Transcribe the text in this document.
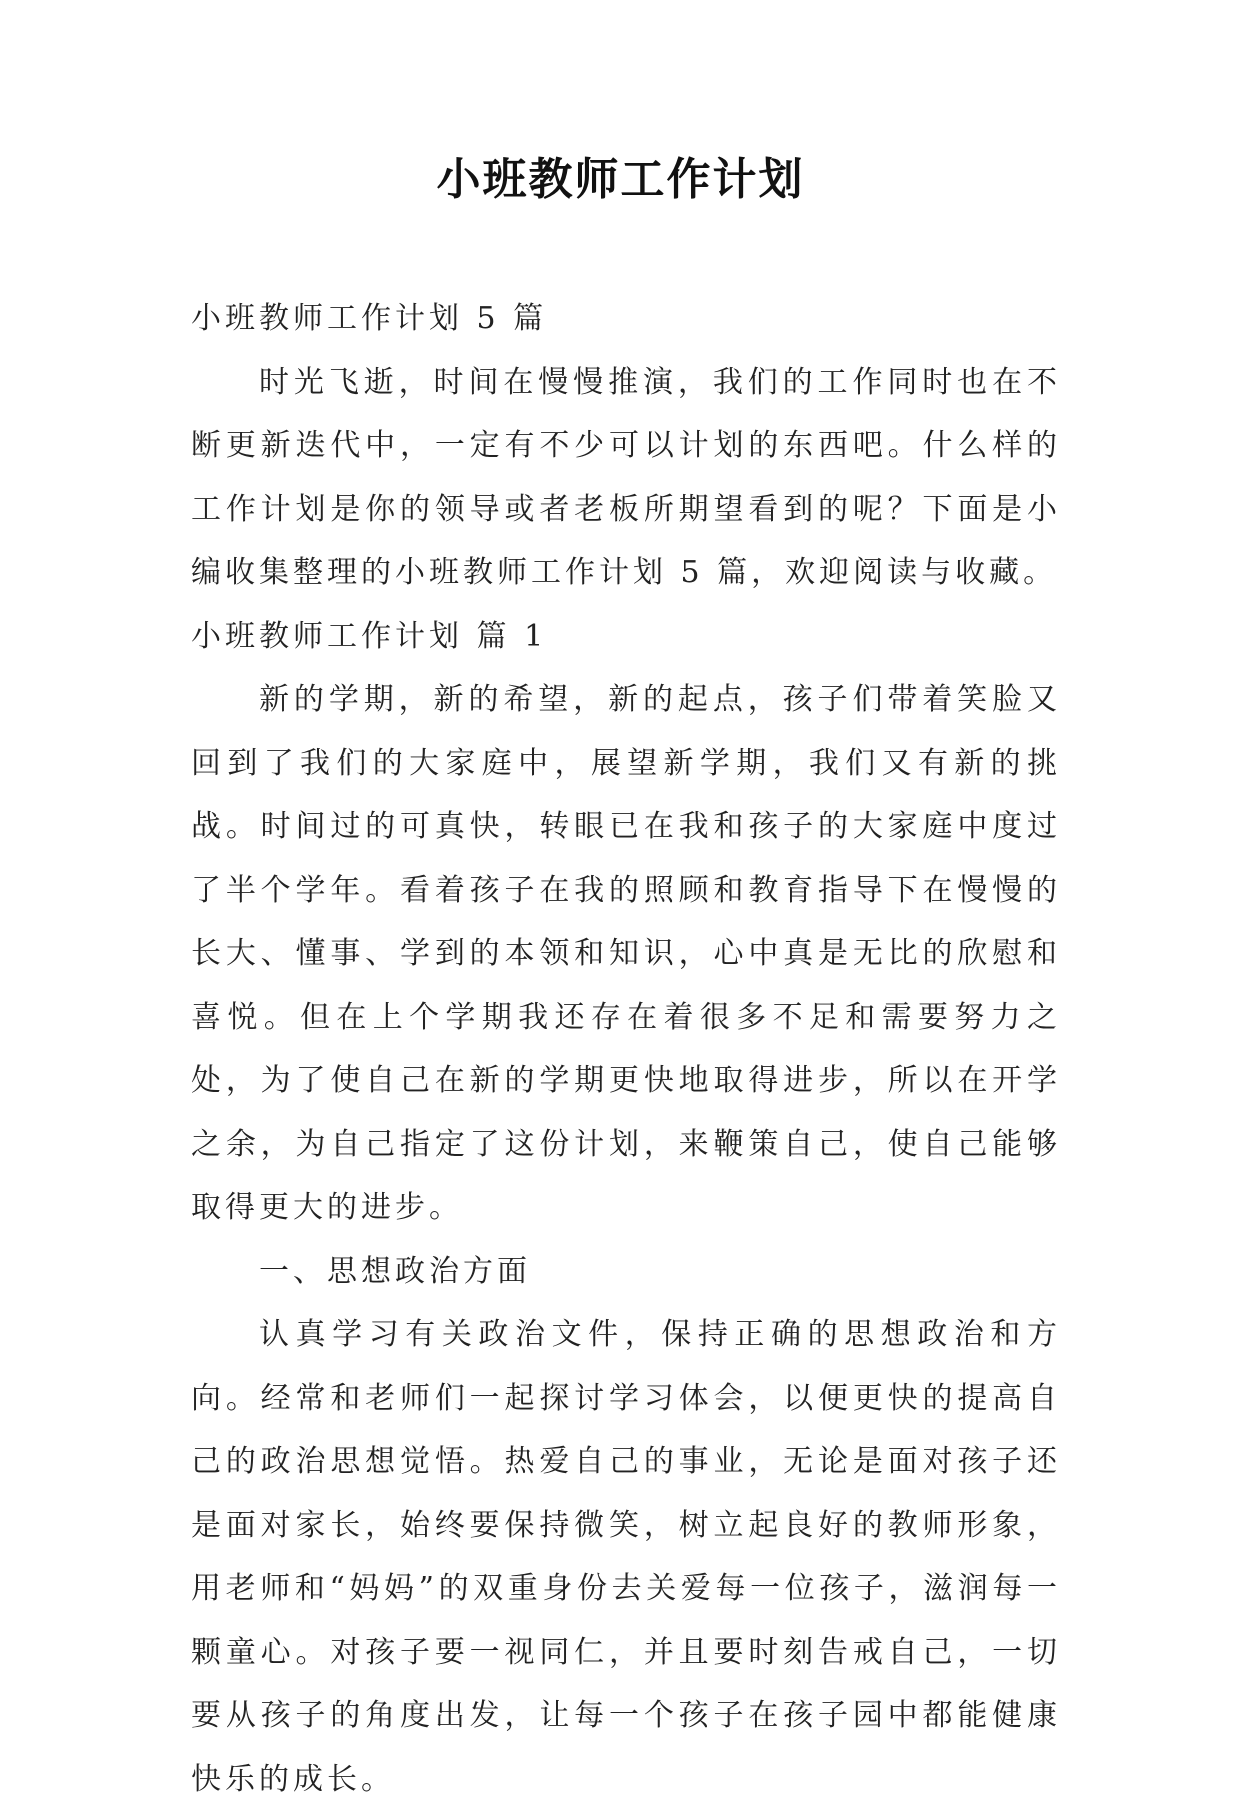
小班教师工作计划

小班教师工作计划 5 篇

时光飞逝，时间在慢慢推演，我们的工作同时也在不断更新迭代中，一定有不少可以计划的东西吧。什么样的工作计划是你的领导或者老板所期望看到的呢？下面是小编收集整理的小班教师工作计划 5 篇，欢迎阅读与收藏。

小班教师工作计划 篇 1

新的学期，新的希望，新的起点，孩子们带着笑脸又回到了我们的大家庭中，展望新学期，我们又有新的挑战。时间过的可真快，转眼已在我和孩子的大家庭中度过了半个学年。看着孩子在我的照顾和教育指导下在慢慢的长大、懂事、学到的本领和知识，心中真是无比的欣慰和喜悦。但在上个学期我还存在着很多不足和需要努力之处，为了使自己在新的学期更快地取得进步，所以在开学之余，为自己指定了这份计划，来鞭策自己，使自己能够取得更大的进步。

一、思想政治方面

认真学习有关政治文件，保持正确的思想政治和方向。经常和老师们一起探讨学习体会，以便更快的提高自己的政治思想觉悟。热爱自己的事业，无论是面对孩子还是面对家长，始终要保持微笑，树立起良好的教师形象，用老师和“妈妈”的双重身份去关爱每一位孩子，滋润每一颗童心。对孩子要一视同仁，并且要时刻告戒自己，一切要从孩子的角度出发，让每一个孩子在孩子园中都能健康快乐的成长。
